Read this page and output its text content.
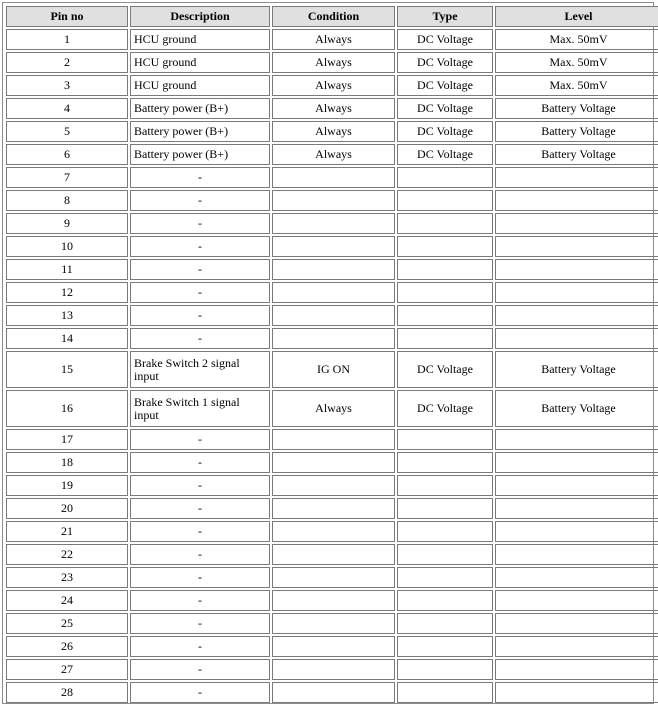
Pin no	Description	Condition	Type	Level
1	HCU ground	Always	DC Voltage	Max. 50mV
2	HCU ground	Always	DC Voltage	Max. 50mV
3	HCU ground	Always	DC Voltage	Max. 50mV
4	Battery power (B+)	Always	DC Voltage	Battery Voltage
5	Battery power (B+)	Always	DC Voltage	Battery Voltage
6	Battery power (B+)	Always	DC Voltage	Battery Voltage
7	-			
8	-			
9	-			
10	-			
11	-			
12	-			
13	-			
14	-			
15	Brake Switch 2 signal input	IG ON	DC Voltage	Battery Voltage
16	Brake Switch 1 signal input	Always	DC Voltage	Battery Voltage
17	-			
18	-			
19	-			
20	-			
21	-			
22	-			
23	-			
24	-			
25	-			
26	-			
27	-			
28	-			
